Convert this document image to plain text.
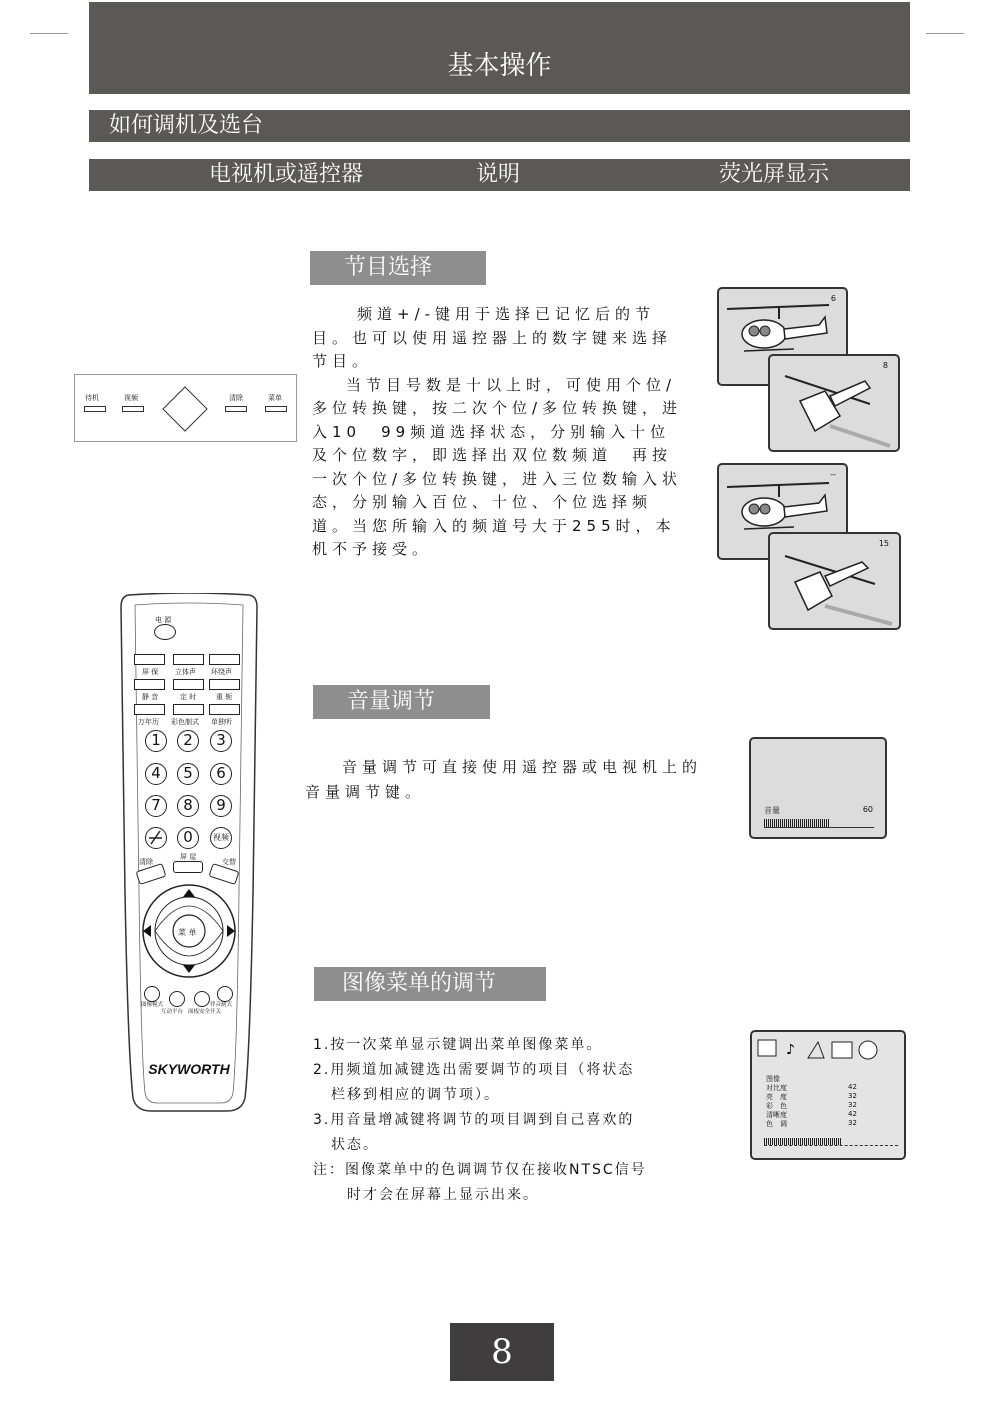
基本操作
如何调机及选台
电视机或遥控器	说明	荧光屏显示
节目选择

频道+/-键用于选择已记忆后的节目。也可以使用遥控器上的数字键来选择节目。

当节目号数是十以上时，可使用个位/多位转换键，按二次个位/多位转换键，进入10　99频道选择状态，分别输入十位及个位数字，即选择出双位数频道　再按一次个位/多位转换键，进入三位数输入状态，分别输入百位、十位、个位选择频道。当您所输入的频道号大于255时，本机不予接受。

待机	视频	清除	菜单
6
8
--
15
音量调节
音量调节可直接使用遥控器或电视机上的音量调节键。
音量	60
图像菜单的调节
1.按一次菜单显示键调出菜单图像菜单。
2.用频道加减键选出需要调节的项目（将状态
栏移到相应的调节项）。
3.用音量增减键将调节的项目调到自己喜欢的
状态。
注：图像菜单中的色调调节仅在接收NTSC信号
时才会在屏幕上显示出来。
♪
图像
对比度	42
亮　度	32
彩　色	32
清晰度	42
色　调	32
电 源
屏 保 立体声 环绕声
静 音	定 时	重 轭
万年历 彩色制式 单独听
1	2	3
4	5	6
7	8	9
0	视频
清除
屏 屋
交替
菜 单
图像模式	伴音制式
互动平台 面板安全开关
SKYWORTH
8
